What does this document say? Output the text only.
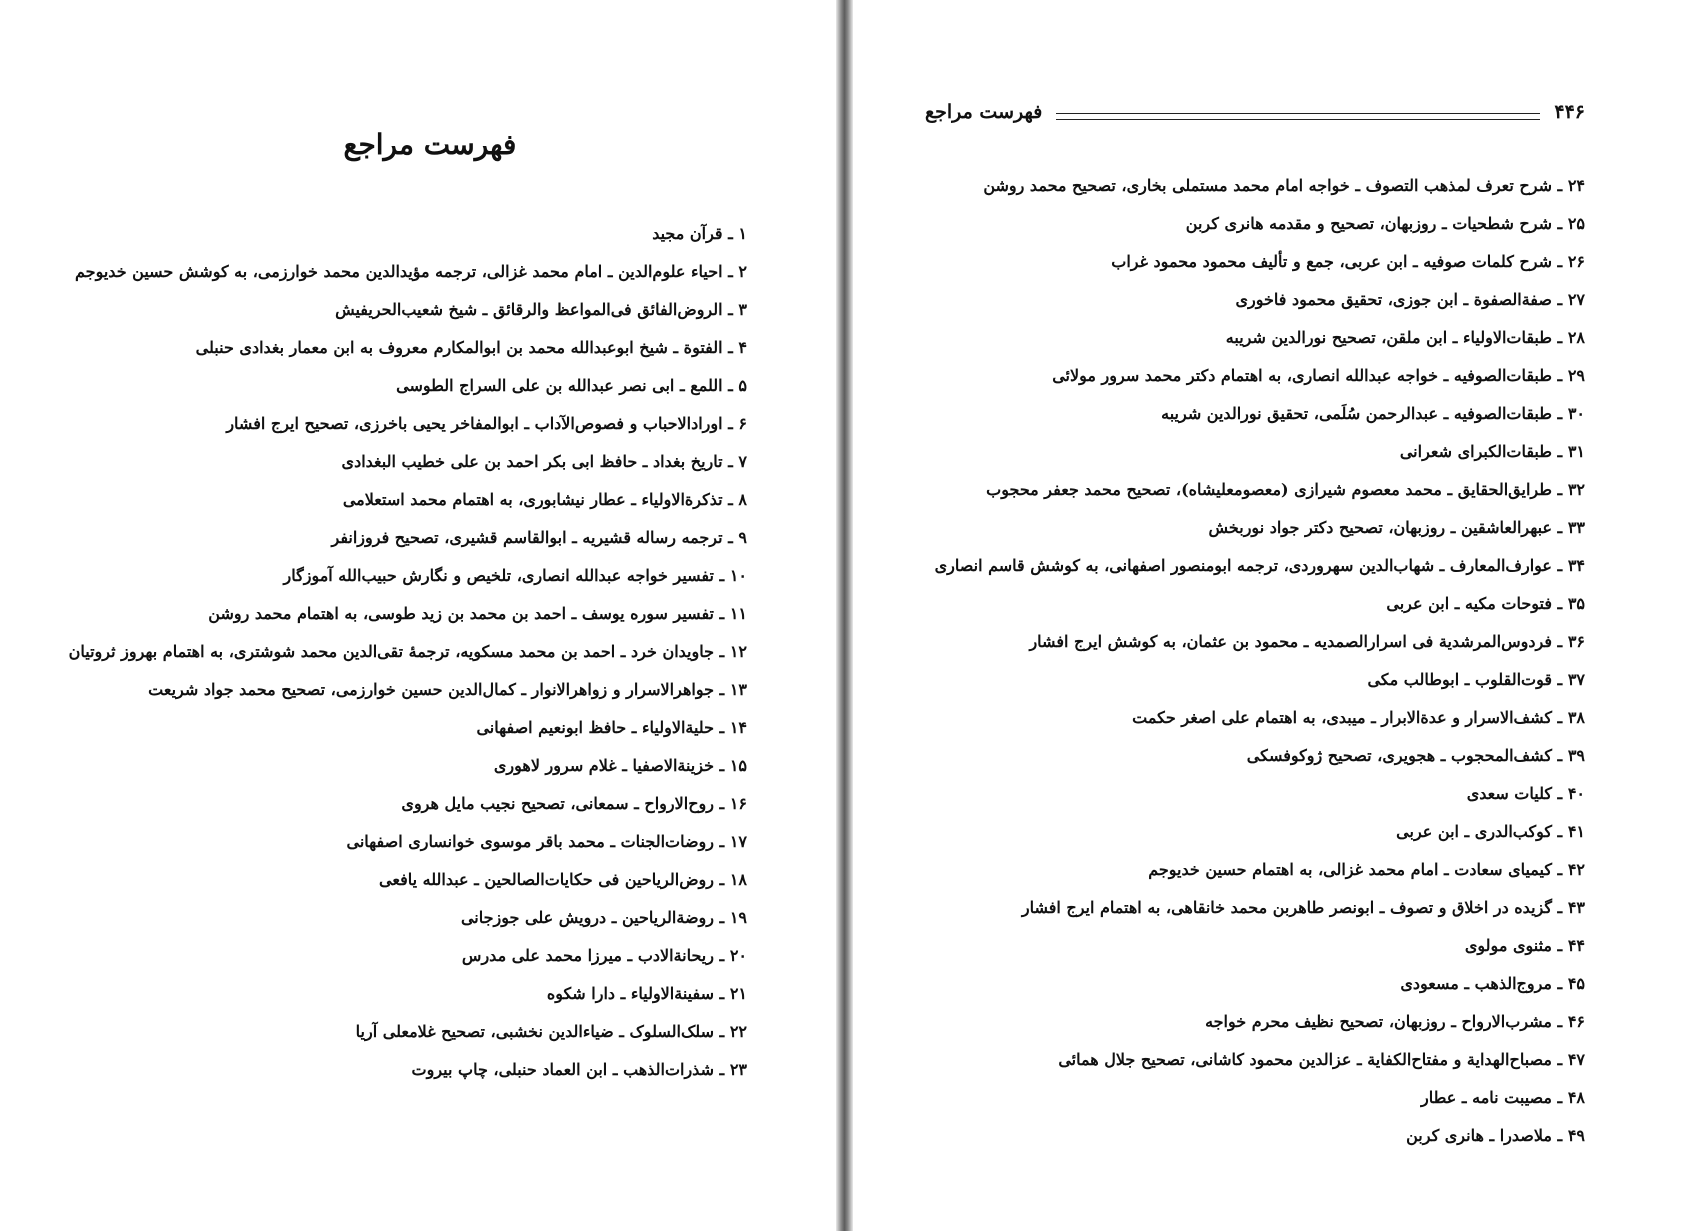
فهرست مراجع
۱ ـ قرآن مجید
۲ ـ احیاء علوم‌الدین ـ امام محمد غزالی، ترجمه مؤیدالدین محمد خوارزمی، به کوشش حسین خدیوجم
۳ ـ الروض‌الفائق فی‌المواعظ والرقائق ـ شیخ شعیب‌الحریفیش
۴ ـ الفتوة ـ شیخ ابوعبدالله محمد بن ابوالمکارم معروف به ابن معمار بغدادی حنبلی
۵ ـ اللمع ـ ابی نصر عبدالله بن علی السراج الطوسی
۶ ـ اورادالاحباب و فصوص‌الآداب ـ ابوالمفاخر یحیی باخرزی، تصحیح ایرج افشار
۷ ـ تاریخ بغداد ـ حافظ ابی بکر احمد بن علی خطیب البغدادی
۸ ـ تذکرة‌الاولیاء ـ عطار نیشابوری، به اهتمام محمد استعلامی
۹ ـ ترجمه رساله قشیریه ـ ابوالقاسم قشیری، تصحیح فروزانفر
۱۰ ـ تفسیر خواجه عبدالله انصاری، تلخیص و نگارش حبیب‌الله آموزگار
۱۱ ـ تفسیر سوره یوسف ـ احمد بن محمد بن زید طوسی، به اهتمام محمد روشن
۱۲ ـ جاویدان خرد ـ احمد بن محمد مسکویه، ترجمهٔ تقی‌الدین محمد شوشتری، به اهتمام بهروز ثروتیان
۱۳ ـ جواهرالاسرار و زواهرالانوار ـ کمال‌الدین حسین خوارزمی، تصحیح محمد جواد شریعت
۱۴ ـ حلیة‌الاولیاء ـ حافظ ابونعیم اصفهانی
۱۵ ـ خزینة‌الاصفیا ـ غلام سرور لاهوری
۱۶ ـ روح‌الارواح ـ سمعانی، تصحیح نجیب مایل هروی
۱۷ ـ روضات‌الجنات ـ محمد باقر موسوی خوانساری اصفهانی
۱۸ ـ روض‌الریاحین فی حکایات‌الصالحین ـ عبدالله یافعی
۱۹ ـ روضة‌الریاحین ـ درویش علی جوزجانی
۲۰ ـ ریحانة‌الادب ـ میرزا محمد علی مدرس
۲۱ ـ سفینة‌الاولیاء ـ دارا شکوه
۲۲ ـ سلک‌السلوک ـ ضیاءالدین نخشبی، تصحیح غلامعلی آریا
۲۳ ـ شذرات‌الذهب ـ ابن العماد حنبلی، چاپ بیروت
۴۴۶
فهرست مراجع
۲۴ ـ شرح تعرف لمذهب التصوف ـ خواجه امام محمد مستملی بخاری، تصحیح محمد روشن
۲۵ ـ شرح شطحیات ـ روزبهان، تصحیح و مقدمه هانری کربن
۲۶ ـ شرح کلمات صوفیه ـ ابن عربی، جمع و تألیف محمود محمود غراب
۲۷ ـ صفة‌الصفوة ـ ابن جوزی، تحقیق محمود فاخوری
۲۸ ـ طبقات‌الاولیاء ـ ابن ملقن، تصحیح نورالدین شریبه
۲۹ ـ طبقات‌الصوفیه ـ خواجه عبدالله انصاری، به اهتمام دکتر محمد سرور مولائی
۳۰ ـ طبقات‌الصوفیه ـ عبدالرحمن سُلَمی، تحقیق نورالدین شریبه
۳۱ ـ طبقات‌الکبرای شعرانی
۳۲ ـ طرایق‌الحقایق ـ محمد معصوم شیرازی (معصومعلیشاه)، تصحیح محمد جعفر محجوب
۳۳ ـ عبهرالعاشقین ـ روزبهان، تصحیح دکتر جواد نوربخش
۳۴ ـ عوارف‌المعارف ـ شهاب‌الدین سهروردی، ترجمه ابومنصور اصفهانی، به کوشش قاسم انصاری
۳۵ ـ فتوحات مکیه ـ ابن عربی
۳۶ ـ فردوس‌المرشدیة فی اسرارالصمدیه ـ محمود بن عثمان، به کوشش ایرج افشار
۳۷ ـ قوت‌القلوب ـ ابوطالب مکی
۳۸ ـ کشف‌الاسرار و عدة‌الابرار ـ میبدی، به اهتمام علی اصغر حکمت
۳۹ ـ کشف‌المحجوب ـ هجویری، تصحیح ژوکوفسکی
۴۰ ـ کلیات سعدی
۴۱ ـ کوکب‌الدری ـ ابن عربی
۴۲ ـ کیمیای سعادت ـ امام محمد غزالی، به اهتمام حسین خدیوجم
۴۳ ـ گزیده در اخلاق و تصوف ـ ابونصر طاهربن محمد خانقاهی، به اهتمام ایرج افشار
۴۴ ـ مثنوی مولوی
۴۵ ـ مروج‌الذهب ـ مسعودی
۴۶ ـ مشرب‌الارواح ـ روزبهان، تصحیح نظیف محرم خواجه
۴۷ ـ مصباح‌الهدایة و مفتاح‌الکفایة ـ عزالدین محمود کاشانی، تصحیح جلال همائی
۴۸ ـ مصیبت نامه ـ عطار
۴۹ ـ ملاصدرا ـ هانری کربن
